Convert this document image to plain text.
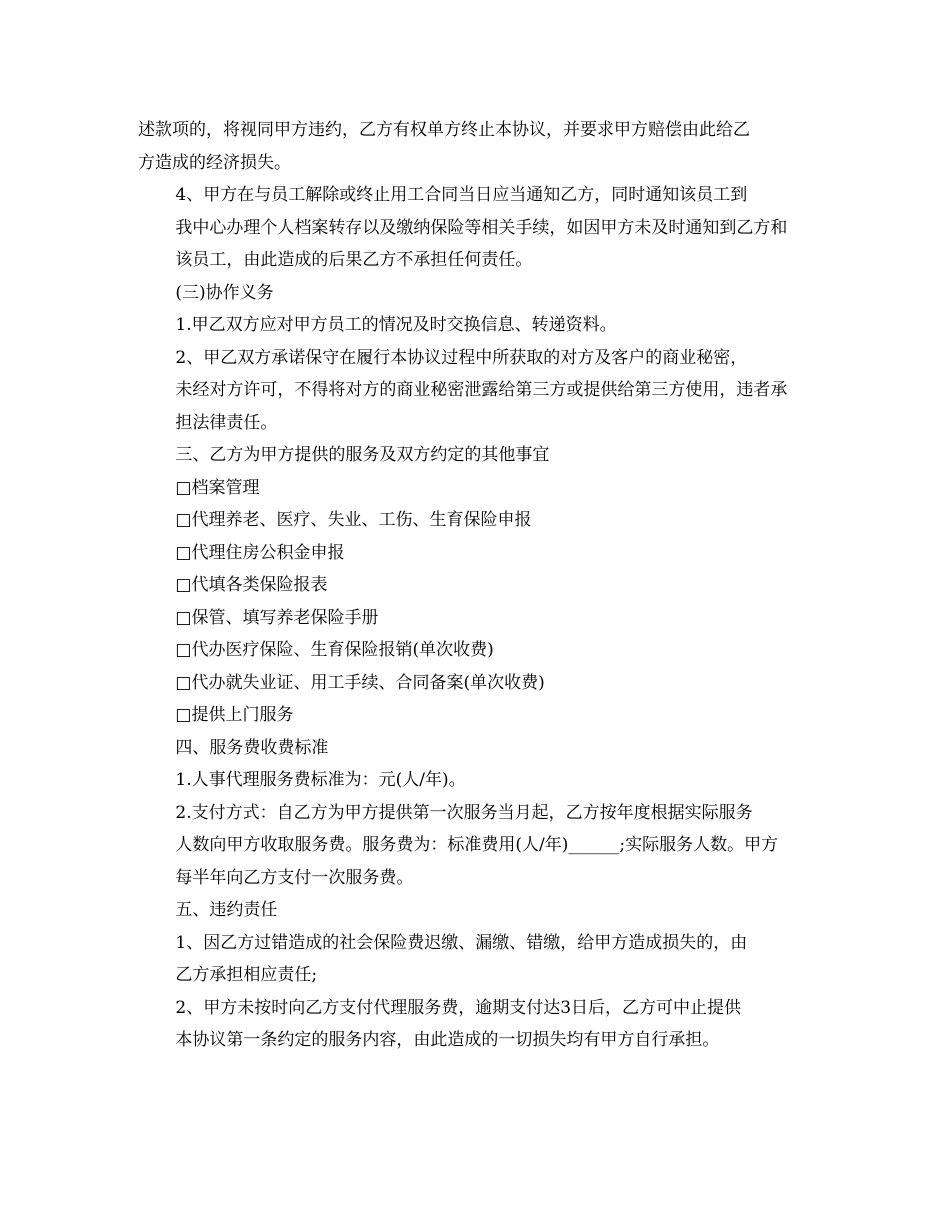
述款项的，将视同甲方违约，乙方有权单方终止本协议，并要求甲方赔偿由此给乙
方造成的经济损失。

4、甲方在与员工解除或终止用工合同当日应当通知乙方，同时通知该员工到
我中心办理个人档案转存以及缴纳保险等相关手续，如因甲方未及时通知到乙方和
该员工，由此造成的后果乙方不承担任何责任。

(三)协作义务

1.甲乙双方应对甲方员工的情况及时交换信息、转递资料。

2、甲乙双方承诺保守在履行本协议过程中所获取的对方及客户的商业秘密，
未经对方许可，不得将对方的商业秘密泄露给第三方或提供给第三方使用，违者承
担法律责任。

三、乙方为甲方提供的服务及双方约定的其他事宜

□档案管理

□代理养老、医疗、失业、工伤、生育保险申报

□代理住房公积金申报

□代填各类保险报表

□保管、填写养老保险手册

□代办医疗保险、生育保险报销(单次收费)

□代办就失业证、用工手续、合同备案(单次收费)

□提供上门服务

四、服务费收费标准

1.人事代理服务费标准为：元(人/年)。

2.支付方式：自乙方为甲方提供第一次服务当月起，乙方按年度根据实际服务
人数向甲方收取服务费。服务费为：标准费用(人/年)______;实际服务人数。甲方
每半年向乙方支付一次服务费。

五、违约责任

1、因乙方过错造成的社会保险费迟缴、漏缴、错缴，给甲方造成损失的，由
乙方承担相应责任;

2、甲方未按时向乙方支付代理服务费，逾期支付达3日后，乙方可中止提供
本协议第一条约定的服务内容，由此造成的一切损失均有甲方自行承担。
